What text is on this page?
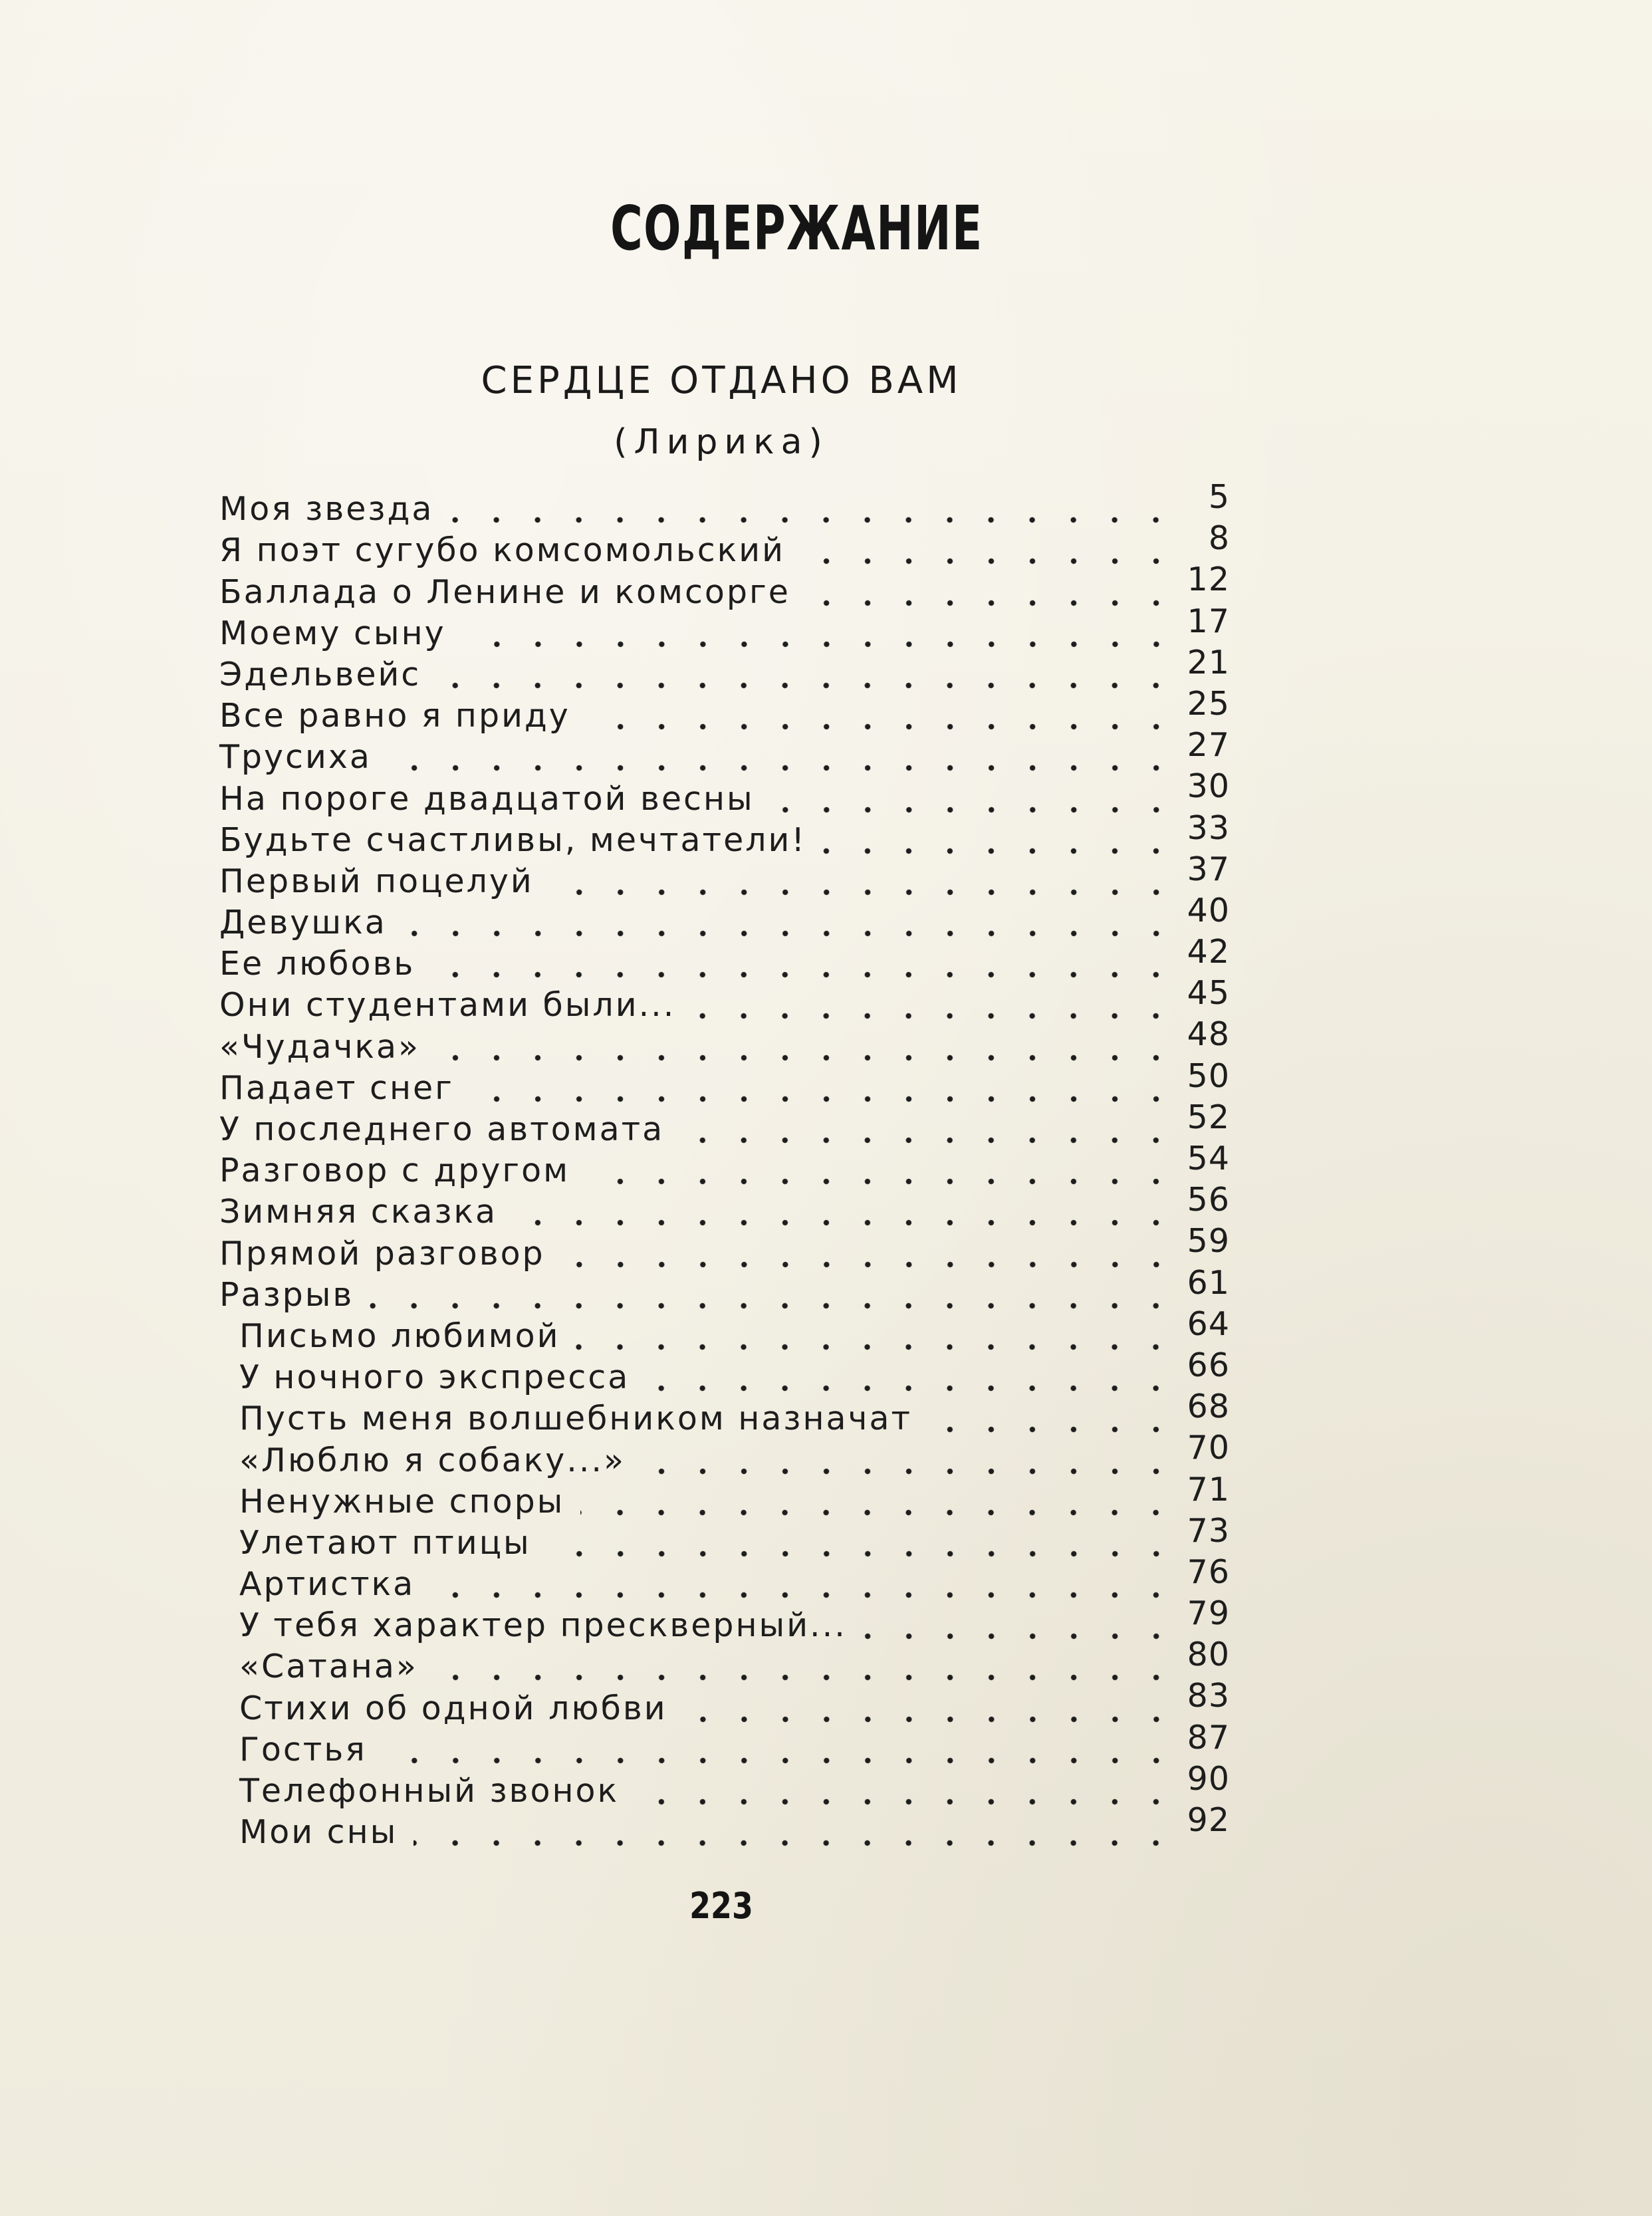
СОДЕРЖАНИЕ
СЕРДЦЕ ОТДАНО ВАМ
(Лирика)
Моя звезда	5
Я поэт сугубо комсомольский	8
Баллада о Ленине и комсорге	12
Моему сыну	17
Эдельвейс	21
Все равно я приду	25
Трусиха	27
На пороге двадцатой весны	30
Будьте счастливы, мечтатели!	33
Первый поцелуй	37
Девушка	40
Ее любовь	42
Они студентами были...	45
«Чудачка»	48
Падает снег	50
У последнего автомата	52
Разговор с другом	54
Зимняя сказка	56
Прямой разговор	59
Разрыв	61
Письмо любимой	64
У ночного экспресса	66
Пусть меня волшебником назначат	68
«Люблю я собаку...»	70
Ненужные споры	71
Улетают птицы	73
Артистка	76
У тебя характер прескверный...	79
«Сатана»	80
Стихи об одной любви	83
Гостья	87
Телефонный звонок	90
Мои сны	92
223
